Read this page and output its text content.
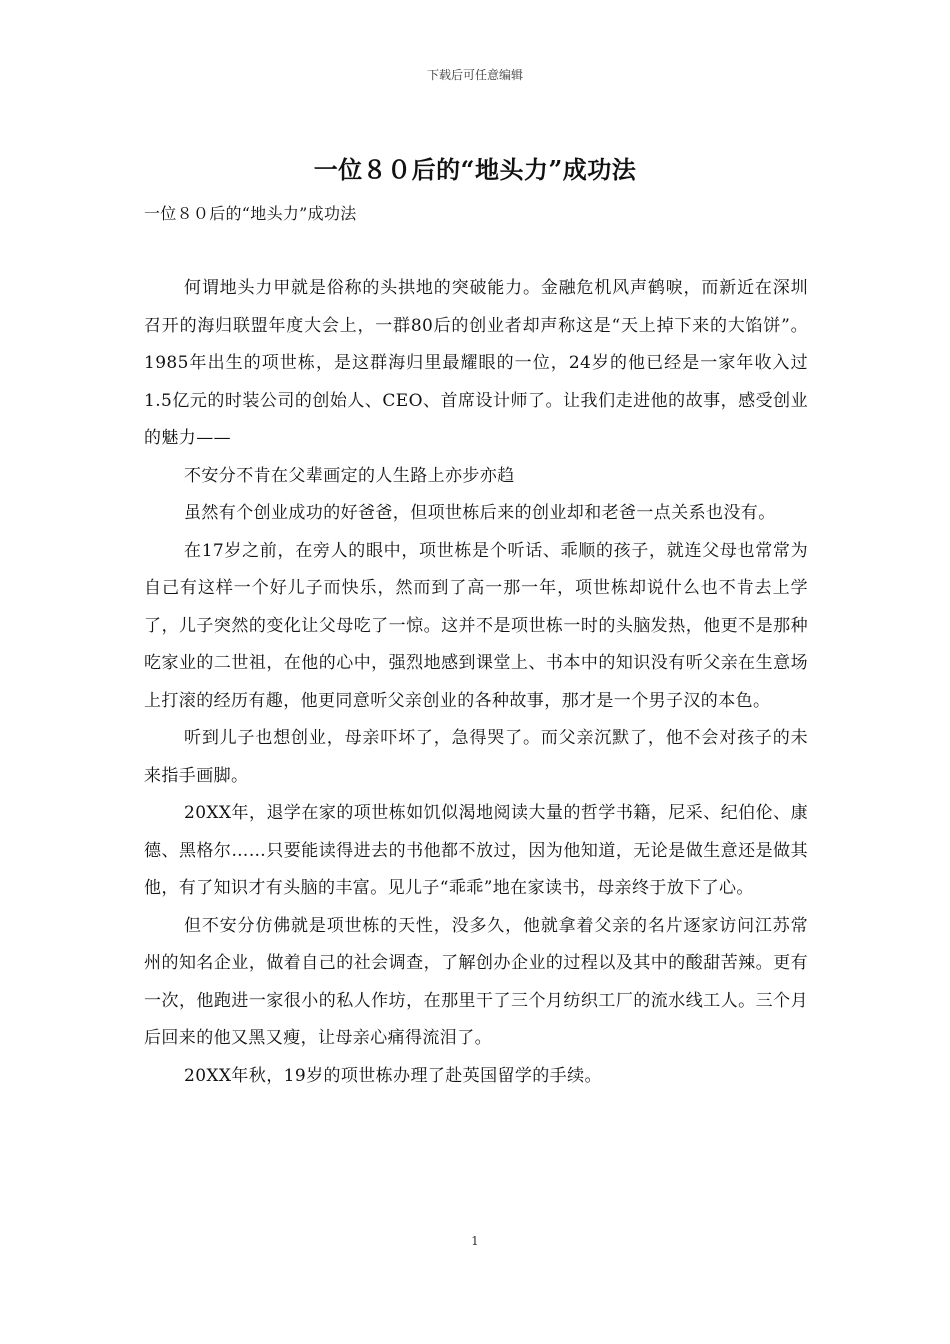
下载后可任意编辑
一位８０后的“地头力”成功法
一位８０后的“地头力”成功法

何谓地头力甲就是俗称的头拱地的突破能力。金融危机风声鹤唳，而新近在深圳召开的海归联盟年度大会上，一群80后的创业者却声称这是“天上掉下来的大馅饼”。1985年出生的项世栋，是这群海归里最耀眼的一位，24岁的他已经是一家年收入过1.5亿元的时装公司的创始人、CEO、首席设计师了。让我们走进他的故事，感受创业的魅力——

不安分不肯在父辈画定的人生路上亦步亦趋

虽然有个创业成功的好爸爸，但项世栋后来的创业却和老爸一点关系也没有。

在17岁之前，在旁人的眼中，项世栋是个听话、乖顺的孩子，就连父母也常常为自己有这样一个好儿子而快乐，然而到了高一那一年，项世栋却说什么也不肯去上学了，儿子突然的变化让父母吃了一惊。这并不是项世栋一时的头脑发热，他更不是那种吃家业的二世祖，在他的心中，强烈地感到课堂上、书本中的知识没有听父亲在生意场上打滚的经历有趣，他更同意听父亲创业的各种故事，那才是一个男子汉的本色。

听到儿子也想创业，母亲吓坏了，急得哭了。而父亲沉默了，他不会对孩子的未来指手画脚。

20XX年，退学在家的项世栋如饥似渴地阅读大量的哲学书籍，尼采、纪伯伦、康德、黑格尔……只要能读得进去的书他都不放过，因为他知道，无论是做生意还是做其他，有了知识才有头脑的丰富。见儿子“乖乖”地在家读书，母亲终于放下了心。

但不安分仿佛就是项世栋的天性，没多久，他就拿着父亲的名片逐家访问江苏常州的知名企业，做着自己的社会调查，了解创办企业的过程以及其中的酸甜苦辣。更有一次，他跑进一家很小的私人作坊，在那里干了三个月纺织工厂的流水线工人。三个月后回来的他又黑又瘦，让母亲心痛得流泪了。

20XX年秋，19岁的项世栋办理了赴英国留学的手续。

1
